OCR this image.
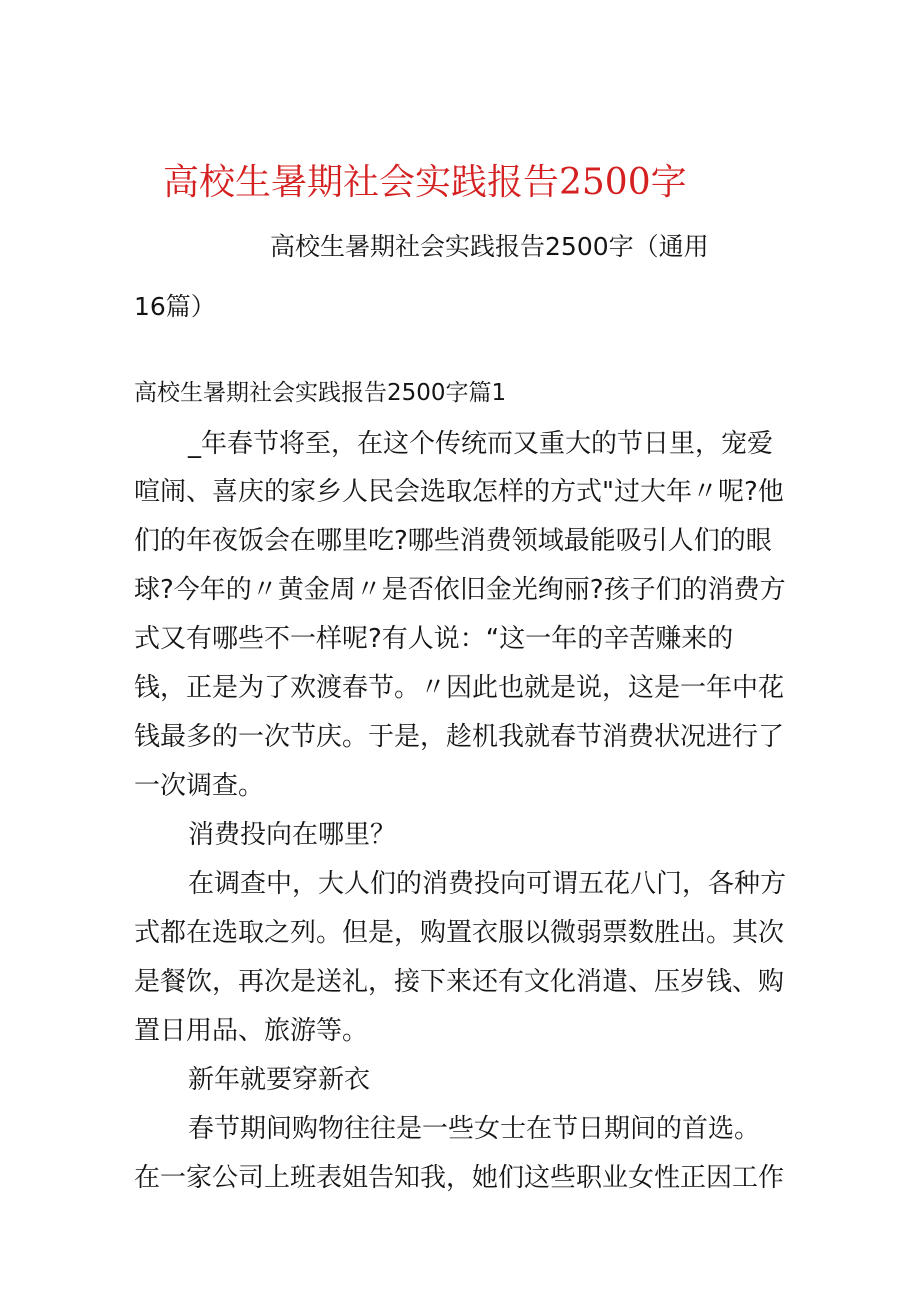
高校生暑期社会实践报告2500字
高校生暑期社会实践报告2500字（通用
16篇）
高校生暑期社会实践报告2500字篇1
_年春节将至，在这个传统而又重大的节日里，宠爱
喧闹、喜庆的家乡人民会选取怎样的方式"过大年〃呢?他
们的年夜饭会在哪里吃?哪些消费领域最能吸引人们的眼
球?今年的〃黄金周〃是否依旧金光绚丽?孩子们的消费方
式又有哪些不一样呢?有人说：“这一年的辛苦赚来的
钱，正是为了欢渡春节。〃因此也就是说，这是一年中花
钱最多的一次节庆。于是，趁机我就春节消费状况进行了
一次调查。
消费投向在哪里？
在调查中，大人们的消费投向可谓五花八门，各种方
式都在选取之列。但是，购置衣服以微弱票数胜出。其次
是餐饮，再次是送礼，接下来还有文化消遣、压岁钱、购
置日用品、旅游等。
新年就要穿新衣
春节期间购物往往是一些女士在节日期间的首选。
在一家公司上班表姐告知我，她们这些职业女性正因工作
